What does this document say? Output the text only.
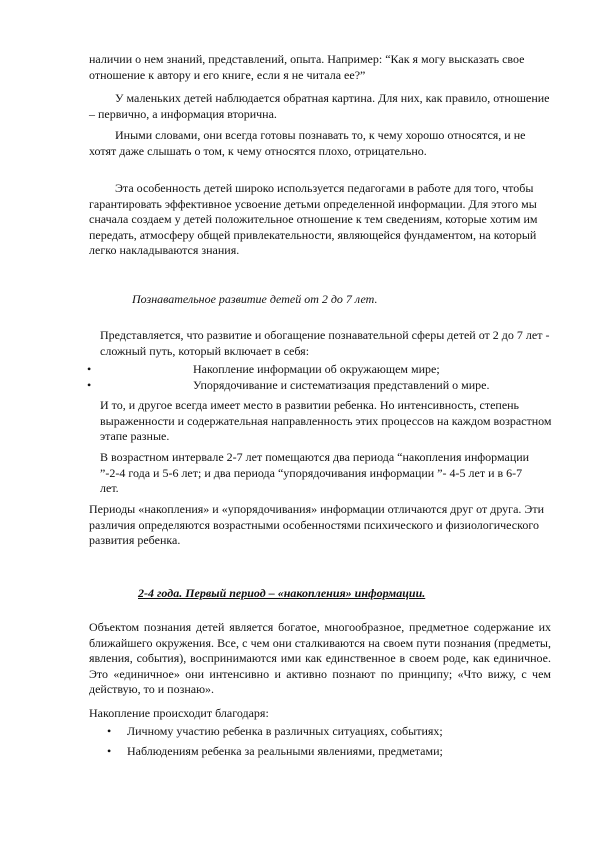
наличии о нем знаний, представлений, опыта. Например: “Как я могу высказать свое отношение к автору и его книге, если я не читала ее?”

У маленьких детей наблюдается обратная картина. Для них, как правило, отношение – первично, а информация вторична.

Иными словами, они всегда готовы познавать то, к чему хорошо относятся, и не хотят даже слышать о том, к чему относятся плохо, отрицательно.

Эта особенность детей широко используется педагогами в работе для того, чтобы гарантировать эффективное усвоение детьми определенной информации. Для этого мы сначала создаем у детей положительное отношение к тем сведениям, которые хотим им передать, атмосферу общей привлекательности, являющейся фундаментом, на который легко накладываются знания.

Познавательное развитие детей от 2 до 7 лет.

Представляется, что развитие и обогащение познавательной сферы детей от 2 до 7 лет - сложный путь, который включает в себя:

•	Накопление информации об окружающем мире;
•	Упорядочивание и систематизация представлений о мире.

И то, и другое всегда имеет место в развитии ребенка. Но интенсивность, степень выраженности и содержательная направленность этих процессов на каждом возрастном этапе разные.

В возрастном интервале 2-7 лет помещаются два периода “накопления информации ”-2-4 года и 5-6 лет; и два периода “упорядочивания информации ”- 4-5 лет и в 6-7 лет.

Периоды «накопления» и «упорядочивания» информации отличаются друг от друга. Эти различия определяются возрастными особенностями психического и физиологического развития ребенка.

2-4 года. Первый период – «накопления» информации.

Объектом познания детей является богатое, многообразное, предметное содержание их ближайшего окружения. Все, с чем они сталкиваются на своем пути познания (предметы, явления, события), воспринимаются ими как единственное в своем роде, как единичное. Это «единичное» они интенсивно и активно познают по принципу; «Что вижу, с чем действую, то и познаю».

Накопление происходит благодаря:

• Личному участию ребенка в различных ситуациях, событиях;
• Наблюдениям ребенка за реальными явлениями, предметами;
